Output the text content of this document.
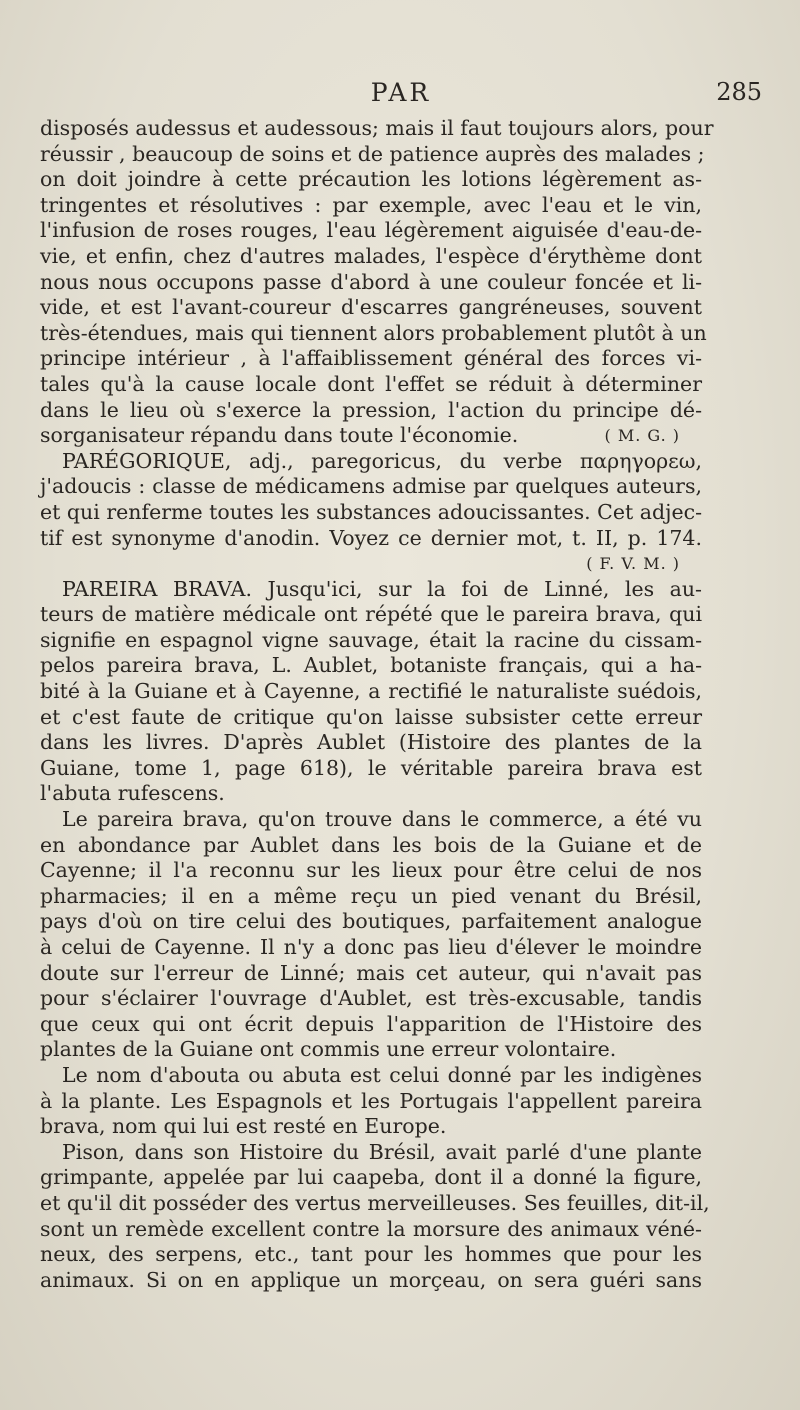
PAR	285
disposés audessus et audessous; mais il faut toujours alors, pour
réussir , beaucoup de soins et de patience auprès des malades ;
on doit joindre à cette précaution les lotions légèrement as-
tringentes et résolutives : par exemple, avec l'eau et le vin,
l'infusion de roses rouges, l'eau légèrement aiguisée d'eau-de-
vie, et enfin, chez d'autres malades, l'espèce d'érythème dont
nous nous occupons passe d'abord à une couleur foncée et li-
vide, et est l'avant-coureur d'escarres gangréneuses, souvent
très-étendues, mais qui tiennent alors probablement plutôt à un
principe intérieur , à l'affaiblissement général des forces vi-
tales qu'à la cause locale dont l'effet se réduit à déterminer
dans le lieu où s'exerce la pression, l'action du principe dé-
sorganisateur répandu dans toute l'économie.	( M. G. )
PARÉGORIQUE, adj., paregoricus, du verbe παρηγορεω,
j'adoucis : classe de médicamens admise par quelques auteurs,
et qui renferme toutes les substances adoucissantes. Cet adjec-
tif est synonyme d'anodin. Voyez ce dernier mot, t. II, p. 174.
( F. V. M. )
PAREIRA BRAVA. Jusqu'ici, sur la foi de Linné, les au-
teurs de matière médicale ont répété que le pareira brava, qui
signifie en espagnol vigne sauvage, était la racine du cissam-
pelos pareira brava, L. Aublet, botaniste français, qui a ha-
bité à la Guiane et à Cayenne, a rectifié le naturaliste suédois,
et c'est faute de critique qu'on laisse subsister cette erreur
dans les livres. D'après Aublet (Histoire des plantes de la
Guiane, tome 1, page 618), le véritable pareira brava est
l'abuta rufescens.
Le pareira brava, qu'on trouve dans le commerce, a été vu
en abondance par Aublet dans les bois de la Guiane et de
Cayenne; il l'a reconnu sur les lieux pour être celui de nos
pharmacies; il en a même reçu un pied venant du Brésil,
pays d'où on tire celui des boutiques, parfaitement analogue
à celui de Cayenne. Il n'y a donc pas lieu d'élever le moindre
doute sur l'erreur de Linné; mais cet auteur, qui n'avait pas
pour s'éclairer l'ouvrage d'Aublet, est très-excusable, tandis
que ceux qui ont écrit depuis l'apparition de l'Histoire des
plantes de la Guiane ont commis une erreur volontaire.
Le nom d'abouta ou abuta est celui donné par les indigènes
à la plante. Les Espagnols et les Portugais l'appellent pareira
brava, nom qui lui est resté en Europe.
Pison, dans son Histoire du Brésil, avait parlé d'une plante
grimpante, appelée par lui caapeba, dont il a donné la figure,
et qu'il dit posséder des vertus merveilleuses. Ses feuilles, dit-il,
sont un remède excellent contre la morsure des animaux véné-
neux, des serpens, etc., tant pour les hommes que pour les
animaux. Si on en applique un morçeau, on sera guéri sans
